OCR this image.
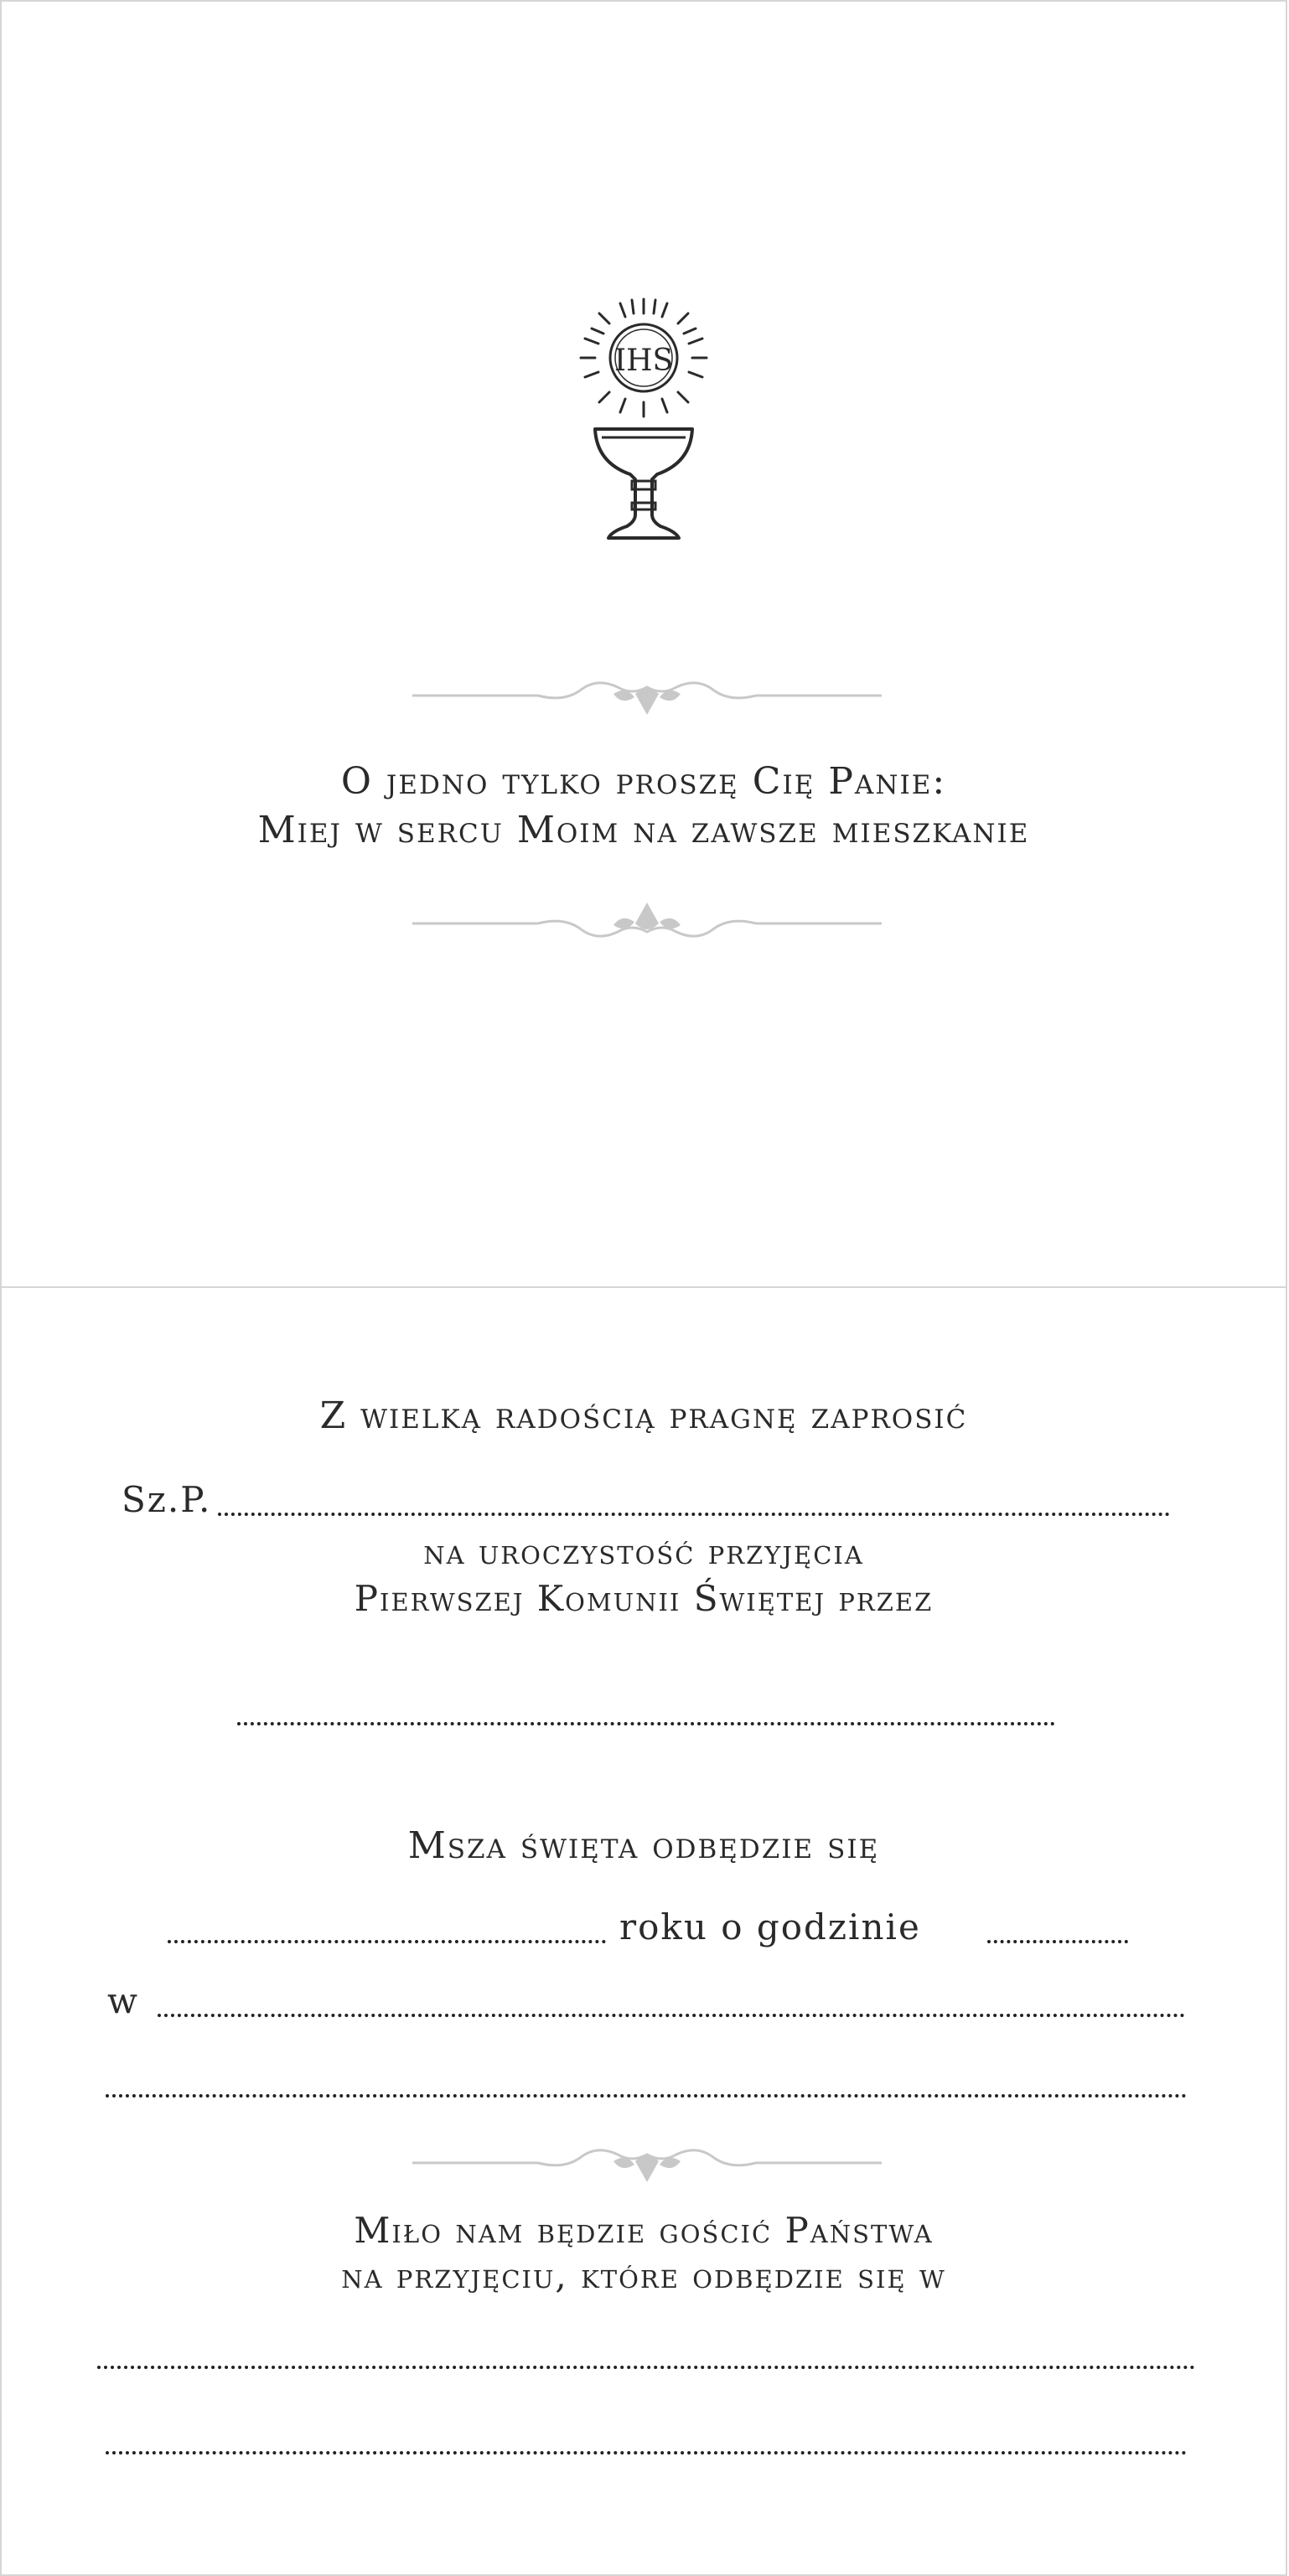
IHS
O jedno tylko proszę Cię Panie:
Miej w sercu Moim na zawsze mieszkanie
Z wielką radością pragnę zaprosić
Sz.P.
na uroczystość przyjęcia
Pierwszej Komunii Świętej przez
Msza święta odbędzie się
roku o godzinie
w
Miło nam będzie gościć Państwa
na przyjęciu, które odbędzie się w
